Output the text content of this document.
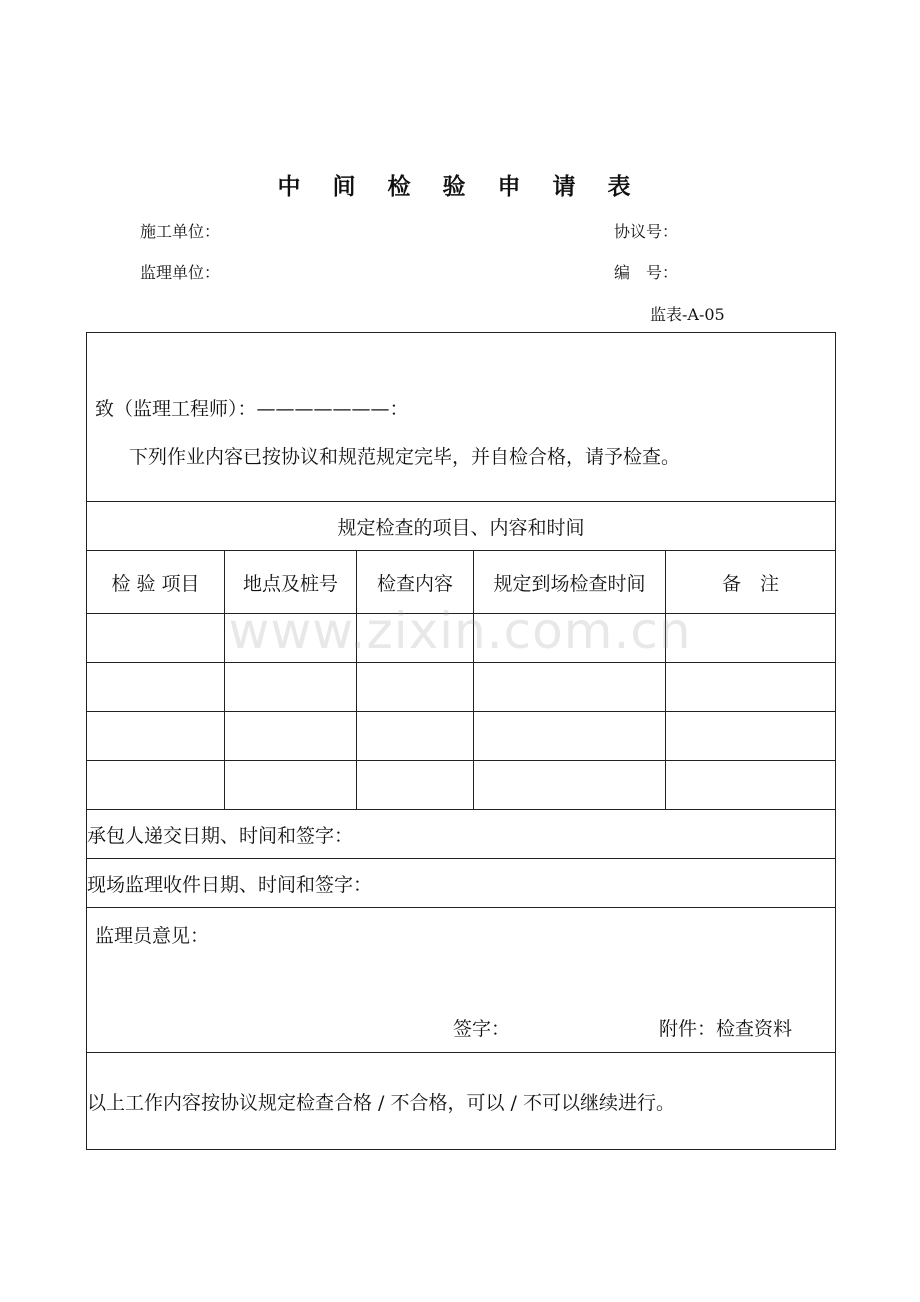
中 间 检 验 申 请 表
施工单位：	协议号：
监理单位：	编　号：
监表-A-05
致（监理工程师）：———————：
下列作业内容已按协议和规范规定完毕，并自检合格，请予检查。				

规定检查的项目、内容和时间				
检 验 项目	地点及桩号	检查内容	规定到场检查时间	备　注

承包人递交日期、时间和签字：				
现场监理收件日期、时间和签字：				

监理员意见：
签字： 附件：检查资料				

以上工作内容按协议规定检查合格 / 不合格，可以 / 不可以继续进行。				
www.zixin.com.cn
